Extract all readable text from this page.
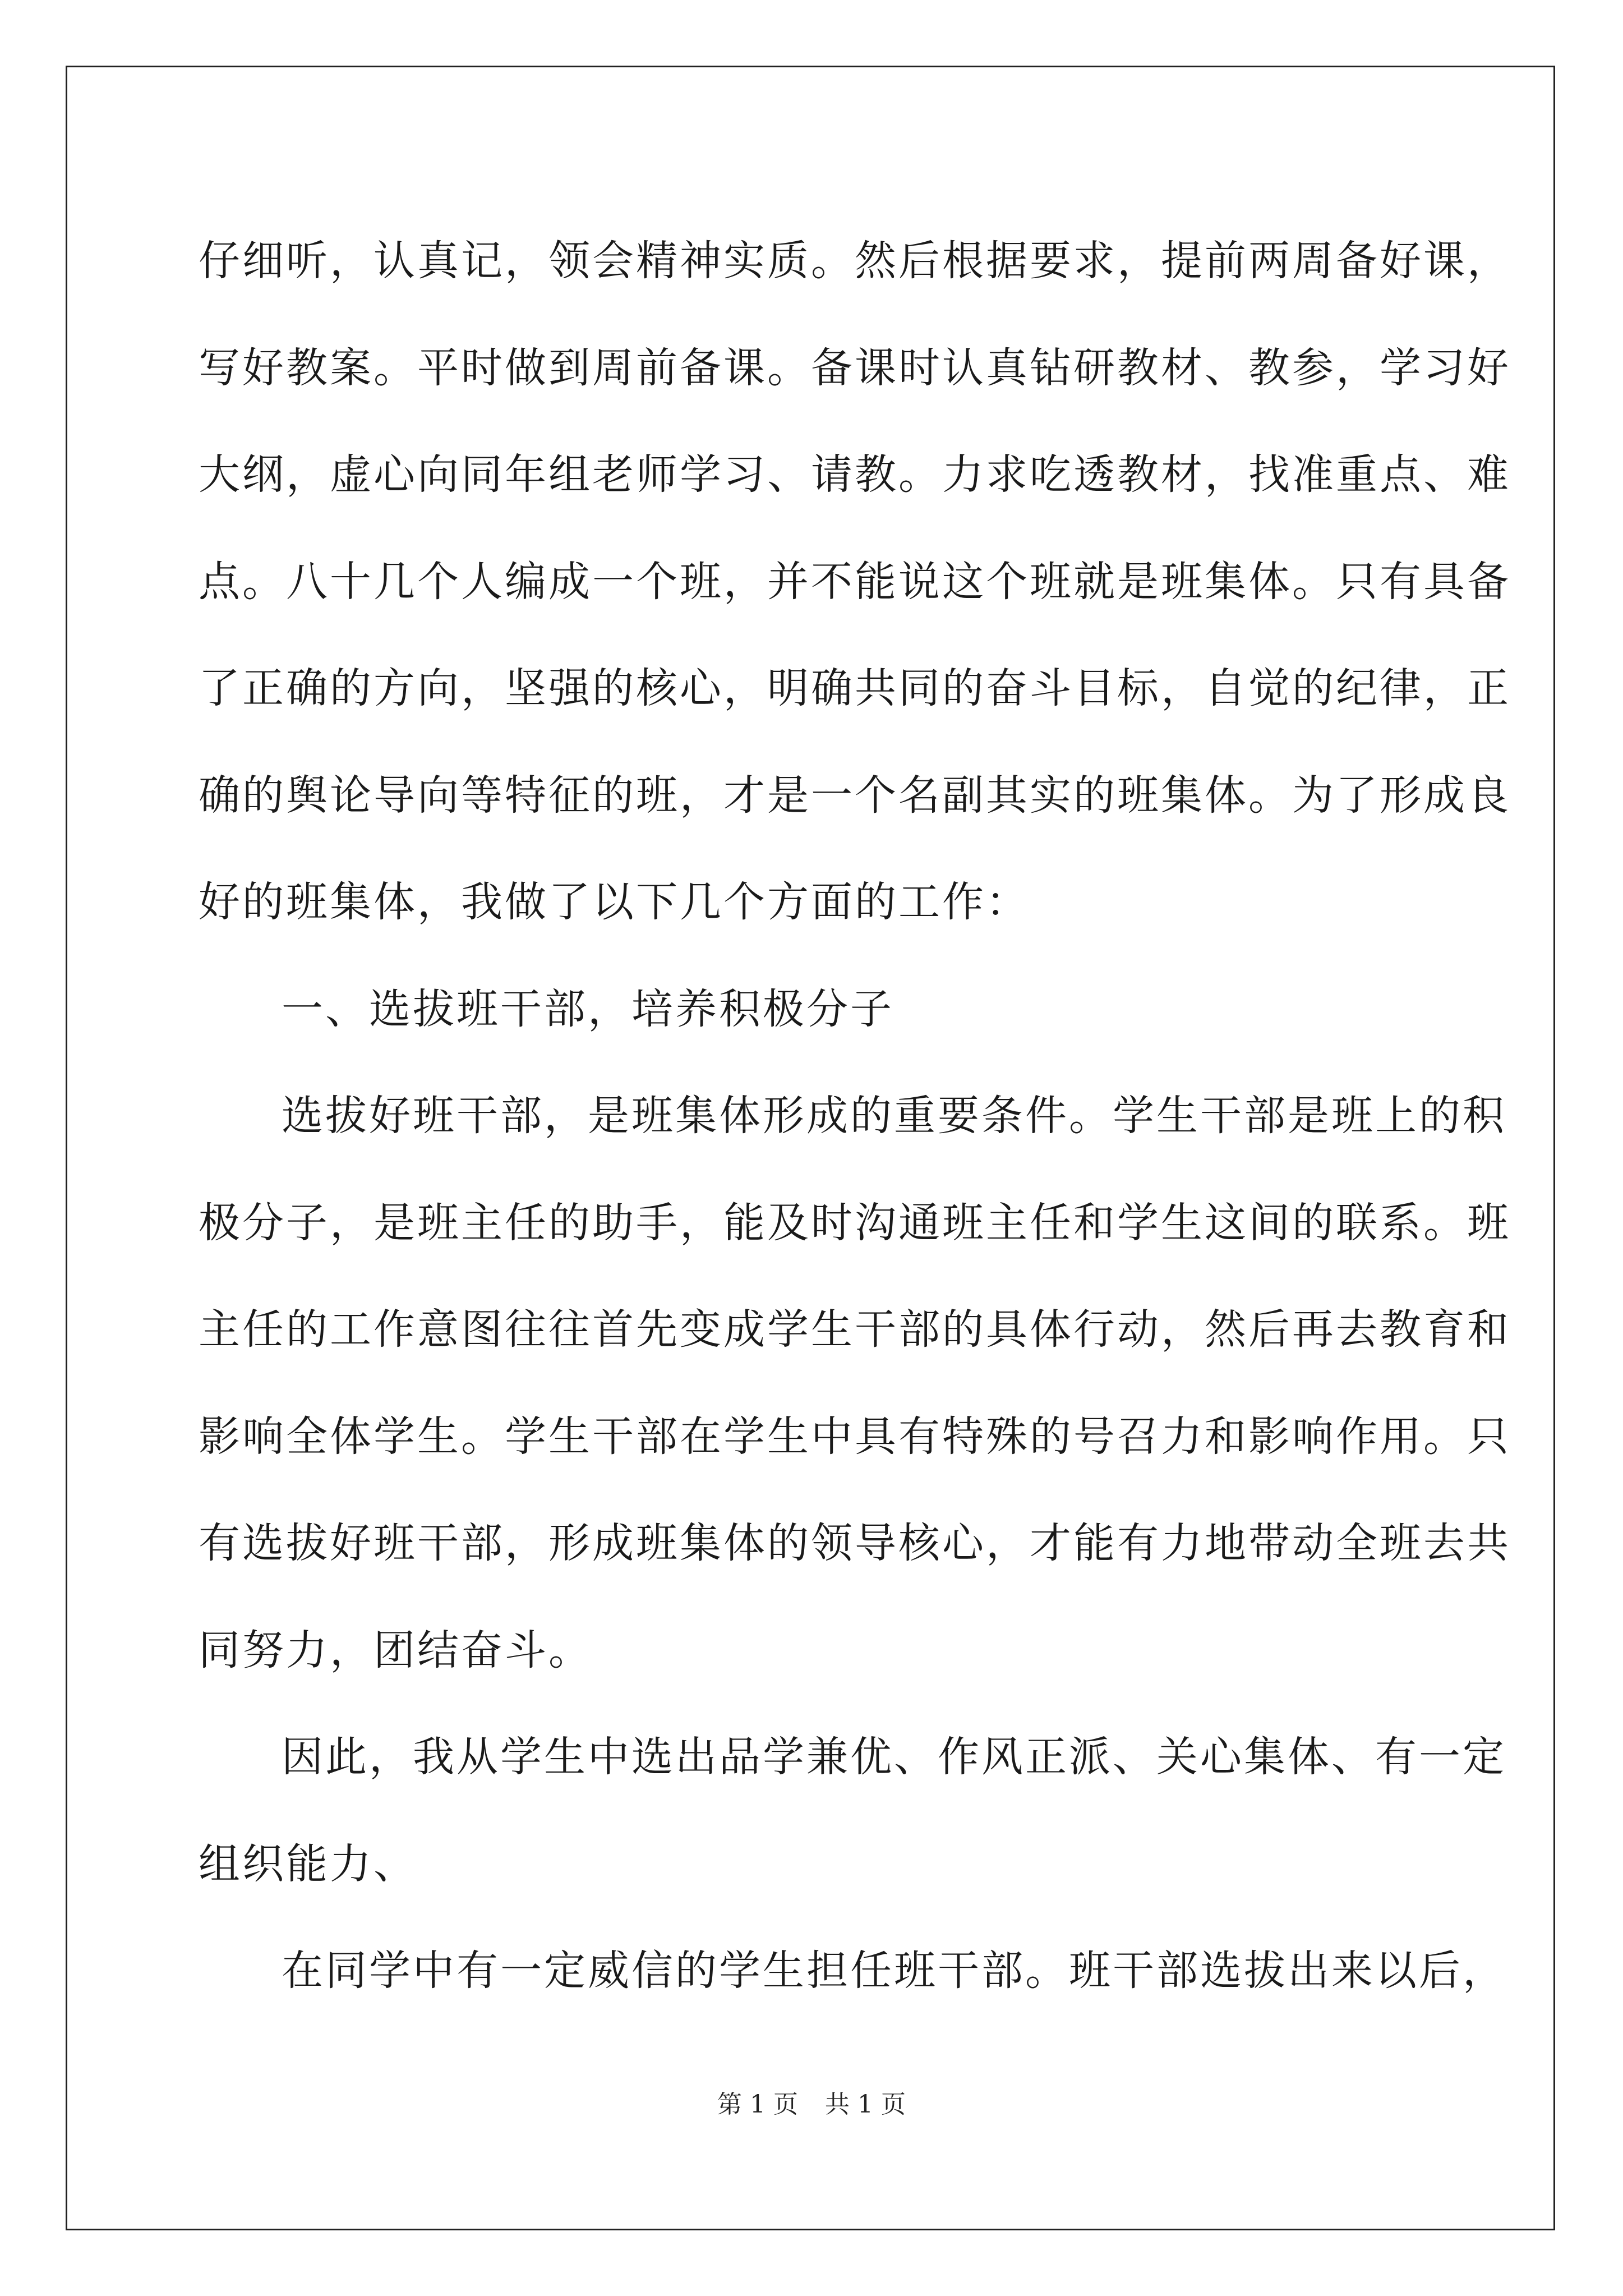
仔细听，认真记，领会精神实质。然后根据要求，提前两周备好课，
写好教案。平时做到周前备课。备课时认真钻研教材、教参，学习好
大纲，虚心向同年组老师学习、请教。力求吃透教材，找准重点、难
点。八十几个人编成一个班，并不能说这个班就是班集体。只有具备
了正确的方向，坚强的核心，明确共同的奋斗目标，自觉的纪律，正
确的舆论导向等特征的班，才是一个名副其实的班集体。为了形成良
好的班集体，我做了以下几个方面的工作：
一、选拔班干部，培养积极分子
选拔好班干部，是班集体形成的重要条件。学生干部是班上的积
极分子，是班主任的助手，能及时沟通班主任和学生这间的联系。班
主任的工作意图往往首先变成学生干部的具体行动，然后再去教育和
影响全体学生。学生干部在学生中具有特殊的号召力和影响作用。只
有选拔好班干部，形成班集体的领导核心，才能有力地带动全班去共
同努力，团结奋斗。
因此，我从学生中选出品学兼优、作风正派、关心集体、有一定
组织能力、
在同学中有一定威信的学生担任班干部。班干部选拔出来以后，
第 1 页 共 1 页
